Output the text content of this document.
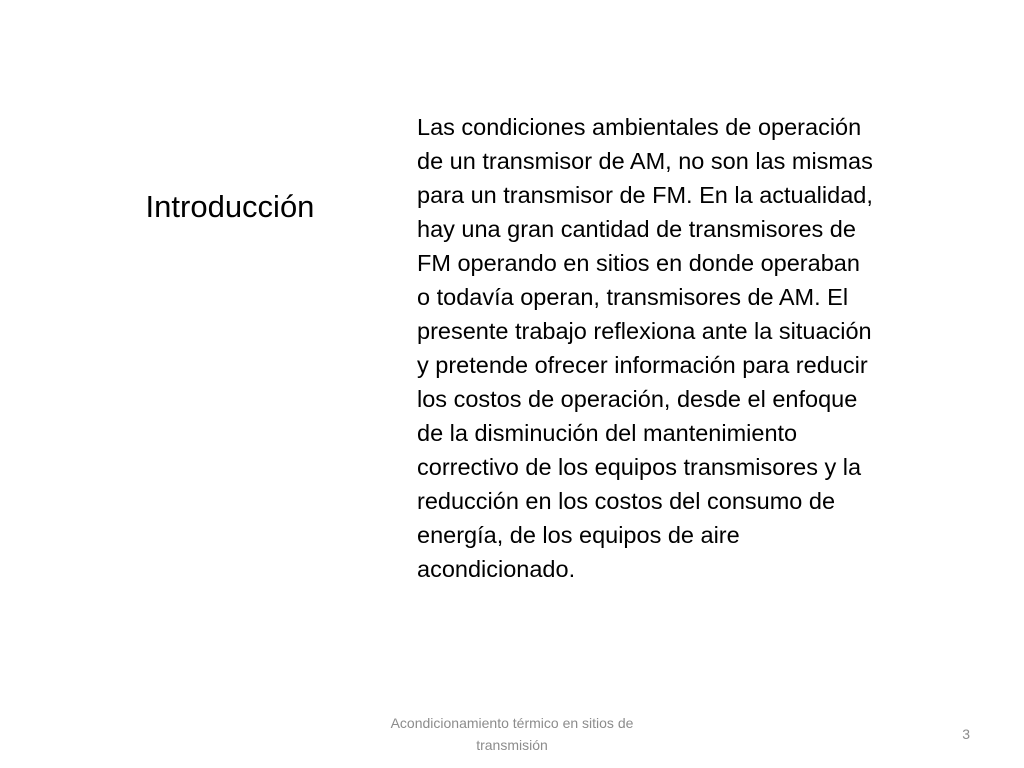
Introducción
Las condiciones ambientales de operación de un transmisor de AM, no son las mismas para un transmisor de FM. En la actualidad, hay una gran cantidad de transmisores de FM operando en sitios en donde operaban o todavía operan, transmisores de AM. El presente trabajo reflexiona ante la situación y pretende ofrecer información para reducir los costos de operación, desde el enfoque de la disminución del mantenimiento correctivo de los equipos transmisores y la reducción en los costos del consumo de energía, de los equipos de aire acondicionado.
Acondicionamiento térmico en sitios de transmisión
3
